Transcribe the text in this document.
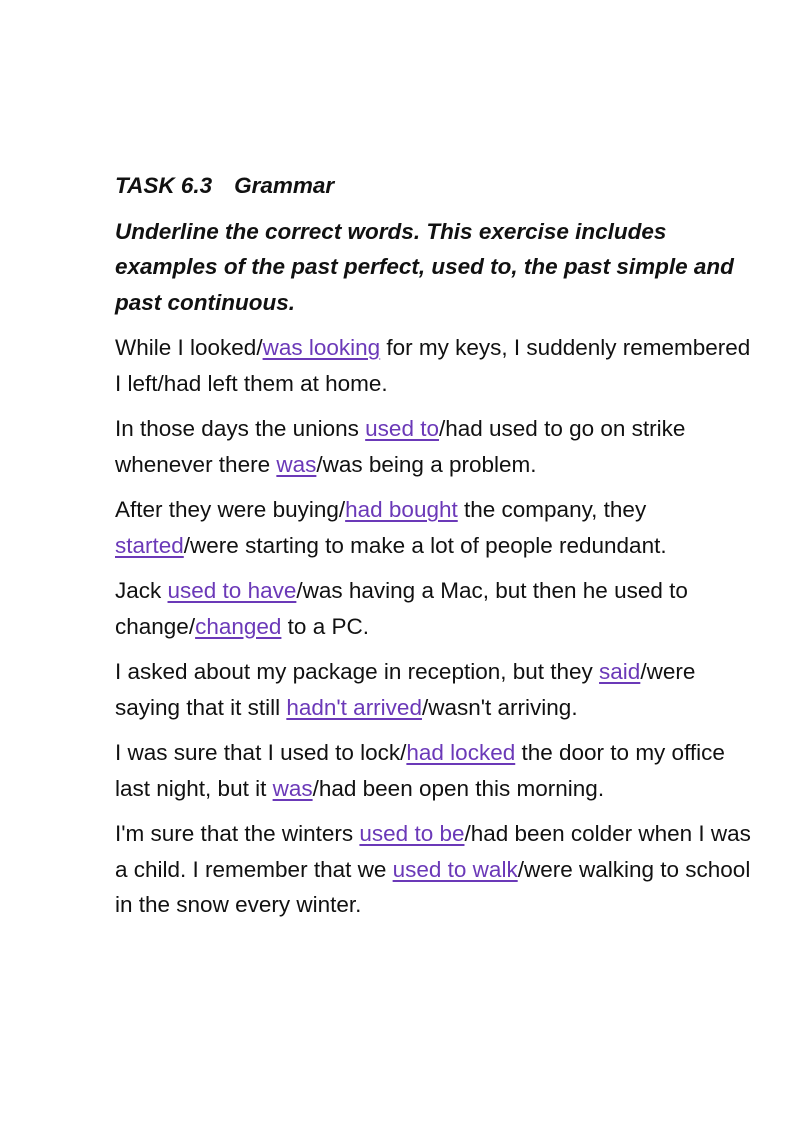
TASK 6.3 Grammar

Underline the correct words. This exercise includes examples of the past perfect, used to, the past simple and past continuous.

While I looked/was looking for my keys, I suddenly remembered I left/had left them at home.

In those days the unions used to/had used to go on strike whenever there was/was being a problem.

After they were buying/had bought the company, they started/were starting to make a lot of people redundant.

Jack used to have/was having a Mac, but then he used to change/changed to a PC.

I asked about my package in reception, but they said/were saying that it still hadn't arrived/wasn't arriving.

I was sure that I used to lock/had locked the door to my office last night, but it was/had been open this morning.

I'm sure that the winters used to be/had been colder when I was a child. I remember that we used to walk/were walking to school in the snow every winter.
